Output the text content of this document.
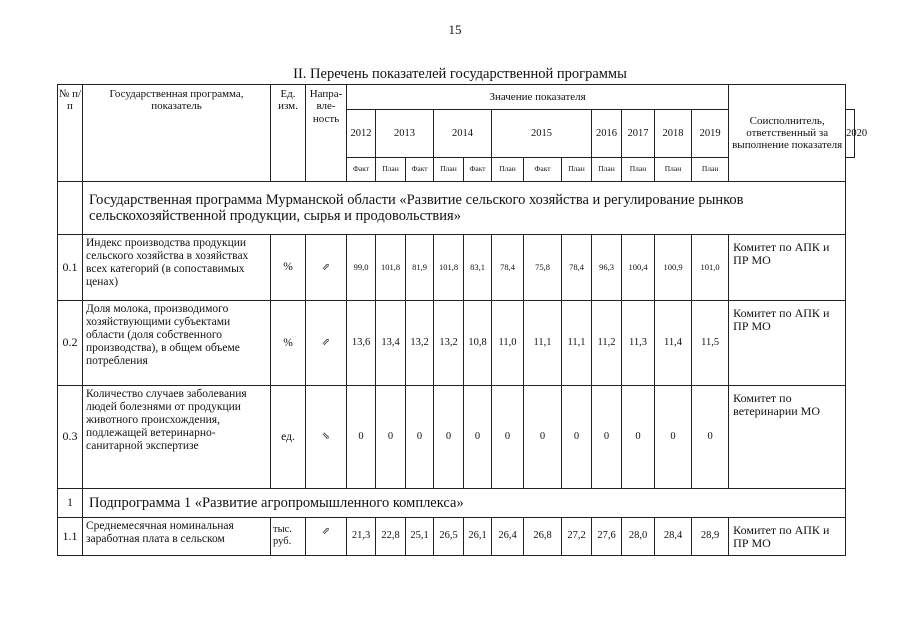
15
II. Перечень показателей государственной программы
№ п/п	Государственная программа, показатель	Ед. изм.	Напра-вле-ность	Значение показателя												Соисполнитель, ответственный за выполнение показателя	
				2012	2013		2014		2015			2016	2017	2018	2019		2020
				Факт	План	Факт	План	Факт	План	Факт	План	План	План	План	План		
	Государственная программа Мурманской области «Развитие сельского хозяйства и регулирование рынков сельскохозяйственной продукции, сырья и продовольствия»																
0.1	Индекс производства продукции сельского хозяйства в хозяйствах всех категорий (в сопоставимых ценах)	%	⇗	99,0	101,8	81,9	101,8	83,1	78,4	75,8	78,4	96,3	100,4	100,9	101,0	Комитет по АПК и ПР МО	
0.2	Доля молока, производимого хозяйствующими субъектами области (доля собственного производства), в общем объеме потребления	%	⇗	13,6	13,4	13,2	13,2	10,8	11,0	11,1	11,1	11,2	11,3	11,4	11,5	Комитет по АПК и ПР МО	
0.3	Количество случаев заболевания людей болезнями от продукции животного происхождения, подлежащей ветеринарно-санитарной экспертизе	ед.	⇘	0	0	0	0	0	0	0	0	0	0	0	0	Комитет по ветеринарии МО	
1	Подпрограмма 1 «Развитие агропромышленного комплекса»																
1.1	Среднемесячная номинальная заработная плата в сельском	тыс. руб.	⇗	21,3	22,8	25,1	26,5	26,1	26,4	26,8	27,2	27,6	28,0	28,4	28,9	Комитет по АПК и ПР МО	
